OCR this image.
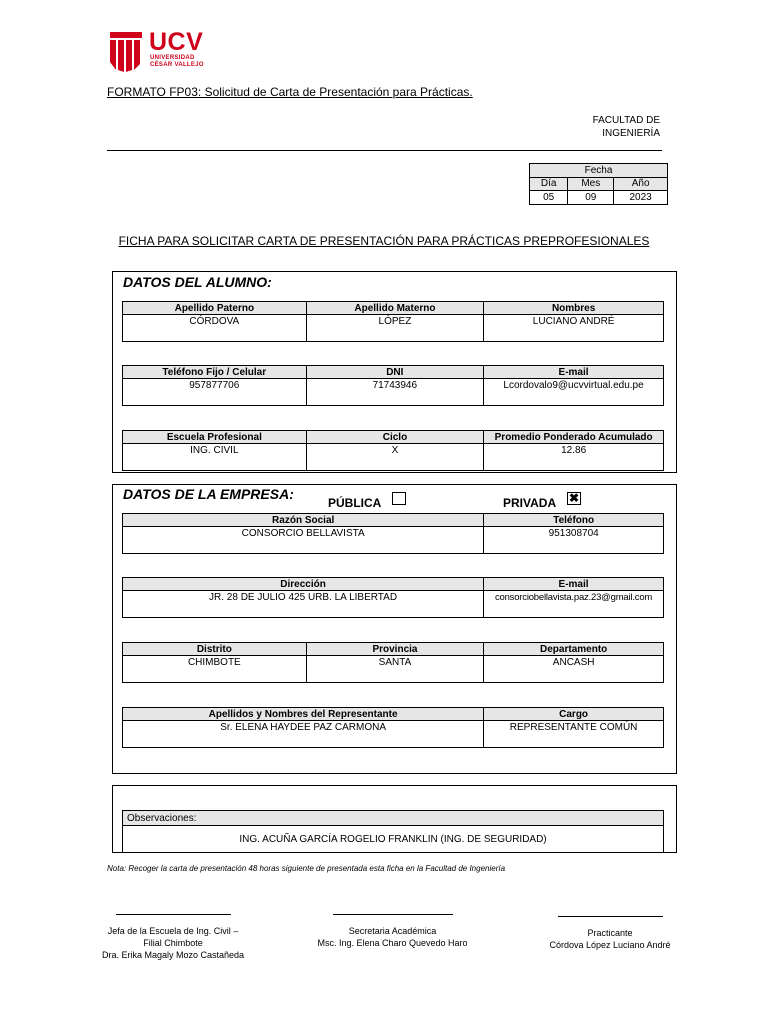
UCV
UNIVERSIDAD
CÉSAR VALLEJO
FORMATO FP03: Solicitud de Carta de Presentación para Prácticas.
FACULTAD DE
INGENIERÍA
Fecha		
Día	Mes	Año
05	09	2023
FICHA PARA SOLICITAR CARTA DE PRESENTACIÓN PARA PRÁCTICAS PREPROFESIONALES
DATOS DEL ALUMNO:
Apellido Paterno	Apellido Materno	Nombres
CÓRDOVA	LÓPEZ	LUCIANO ANDRÉ
Teléfono Fijo / Celular	DNI	E-mail
957877706	71743946	Lcordovalo9@ucvvirtual.edu.pe
Escuela Profesional	Ciclo	Promedio Ponderado Acumulado
ING. CIVIL	X	12.86
DATOS DE LA EMPRESA:
PÚBLICA	PRIVADA ✖
Razón Social	Teléfono
CONSORCIO BELLAVISTA	951308704
Dirección	E-mail
JR. 28 DE JULIO 425 URB. LA LIBERTAD	consorciobellavista.paz.23@gmail.com
Distrito	Provincia	Departamento
CHIMBOTE	SANTA	ANCASH
Apellidos y Nombres del Representante	Cargo
Sr. ELENA HAYDEE PAZ CARMONA	REPRESENTANTE COMÚN
Observaciones:
ING. ACUÑA GARCÍA ROGELIO FRANKLIN (ING. DE SEGURIDAD)
Nota: Recoger la carta de presentación 48 horas siguiente de presentada esta ficha en la Facultad de Ingeniería
Jefa de la Escuela de Ing. Civil –
Filial Chimbote
Dra. Erika Magaly Mozo Castañeda
Secretaria Académica
Msc. Ing. Elena Charo Quevedo Haro
Practicante
Córdova López Luciano André
